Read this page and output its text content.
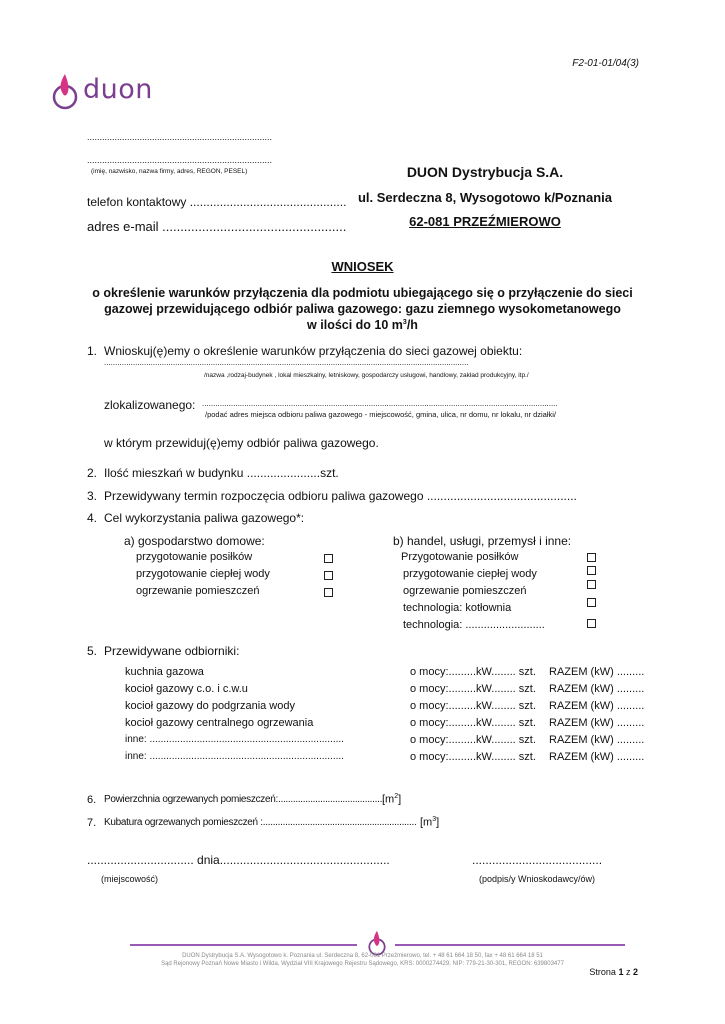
F2-01-01/04(3)
duon
..........................................................................
..........................................................................
(imię, nazwisko, nazwa firmy, adres, REGON, PESEL)
telefon kontaktowy ...............................................
adres e-mail ...................................................
DUON Dystrybucja S.A.
ul. Serdeczna 8, Wysogotowo k/Poznania
62-081 PRZEŹMIEROWO
WNIOSEK
o określenie warunków przyłączenia dla podmiotu ubiegającego się o przyłączenie do sieci
gazowej przewidującego odbiór paliwa gazowego: gazu ziemnego wysokometanowego
w ilości do 10 $m^3/h$
1. Wnioskuj(ę)emy o określenie warunków przyłączenia do sieci gazowej obiektu:
....................................................................................................................................................................
/nazwa ,rodzaj-budynek , lokal mieszkalny, letniskowy, gospodarczy usługowi, handlowy, zakład produkcyjny, itp./
zlokalizowanego: ................................................................................................................................................................
/podać adres miejsca odbioru paliwa gazowego - miejscowość, gmina, ulica, nr domu, nr lokalu, nr działki/
w którym przewiduj(ę)emy odbiór paliwa gazowego.
2. Ilość mieszkań w budynku ......................szt.
3. Przewidywany termin rozpoczęcia odbioru paliwa gazowego .............................................
4. Cel wykorzystania paliwa gazowego*:
a) gospodarstwo domowe:
przygotowanie posiłków
przygotowanie ciepłej wody
ogrzewanie pomieszczeń
b) handel, usługi, przemysł i inne:
Przygotowanie posiłków
przygotowanie ciepłej wody
ogrzewanie pomieszczeń
technologia: kotłownia
technologia: ..........................
5. Przewidywane odbiorniki:
kuchnia gazowa	o mocy:.........kW........ szt. RAZEM (kW) .........
kocioł gazowy c.o. i c.w.u	o mocy:.........kW........ szt. RAZEM (kW) .........
kocioł gazowy do podgrzania wody	o mocy:.........kW........ szt. RAZEM (kW) .........
kocioł gazowy centralnego ogrzewania	o mocy:.........kW........ szt. RAZEM (kW) .........
inne: ......................................................................	o mocy:.........kW........ szt. RAZEM (kW) .........
inne: ......................................................................	o mocy:.........kW........ szt. RAZEM (kW) .........
6. Powierzchnia ogrzewanych pomieszczeń:...........................................
$[m^2]$
7. Kubatura ogrzewanych pomieszczeń :.............................................................. $[m^3]$
................................ dnia...................................................	.......................................
(miejscowość)	(podpis/y Wnioskodawcy/ów)
DUON Dystrybucja S.A. Wysogotowo k. Poznania ul. Serdeczna 8, 62-081 Przeźmierowo, tel. + 48 61 664 18 50, fax + 48 61 664 18 51
Sąd Rejonowy Poznań Nowe Miasto i Wilda, Wydział VIII Krajowego Rejestru Sądowego, KRS: 0000274429, NIP: 779-21-30-301, REGON: 639803477
Strona 1 z 2
